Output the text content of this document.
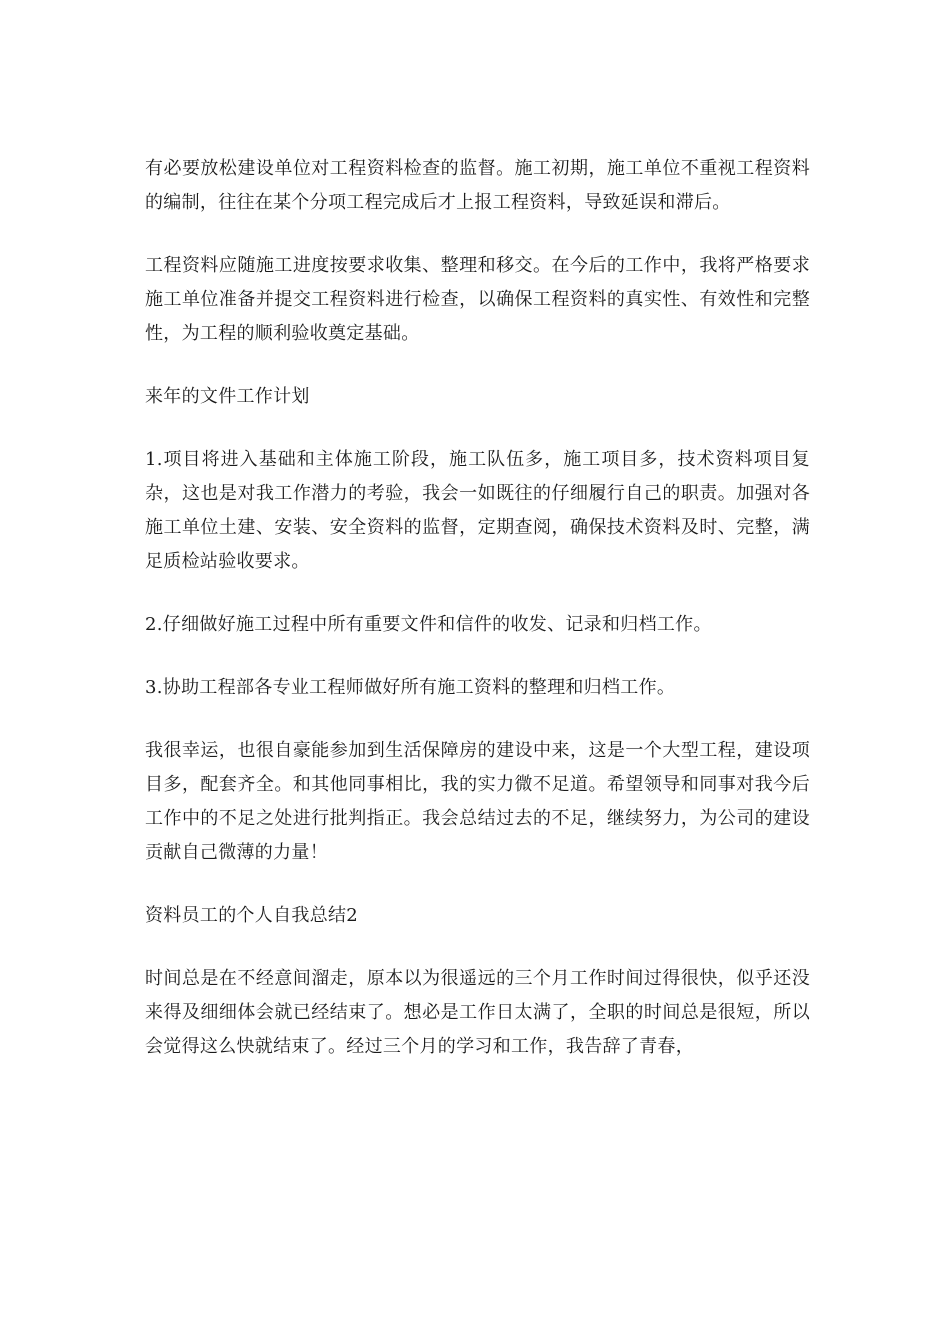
有必要放松建设单位对工程资料检查的监督。施工初期，施工单位不重视工程资料的编制，往往在某个分项工程完成后才上报工程资料，导致延误和滞后。

工程资料应随施工进度按要求收集、整理和移交。在今后的工作中，我将严格要求施工单位准备并提交工程资料进行检查，以确保工程资料的真实性、有效性和完整性，为工程的顺利验收奠定基础。

来年的文件工作计划

1.项目将进入基础和主体施工阶段，施工队伍多，施工项目多，技术资料项目复杂，这也是对我工作潜力的考验，我会一如既往的仔细履行自己的职责。加强对各施工单位土建、安装、安全资料的监督，定期查阅，确保技术资料及时、完整，满足质检站验收要求。

2.仔细做好施工过程中所有重要文件和信件的收发、记录和归档工作。

3.协助工程部各专业工程师做好所有施工资料的整理和归档工作。

我很幸运，也很自豪能参加到生活保障房的建设中来，这是一个大型工程，建设项目多，配套齐全。和其他同事相比，我的实力微不足道。希望领导和同事对我今后工作中的不足之处进行批判指正。我会总结过去的不足，继续努力，为公司的建设贡献自己微薄的力量！

资料员工的个人自我总结2

时间总是在不经意间溜走，原本以为很遥远的三个月工作时间过得很快，似乎还没来得及细细体会就已经结束了。想必是工作日太满了，全职的时间总是很短，所以会觉得这么快就结束了。经过三个月的学习和工作，我告辞了青春，
